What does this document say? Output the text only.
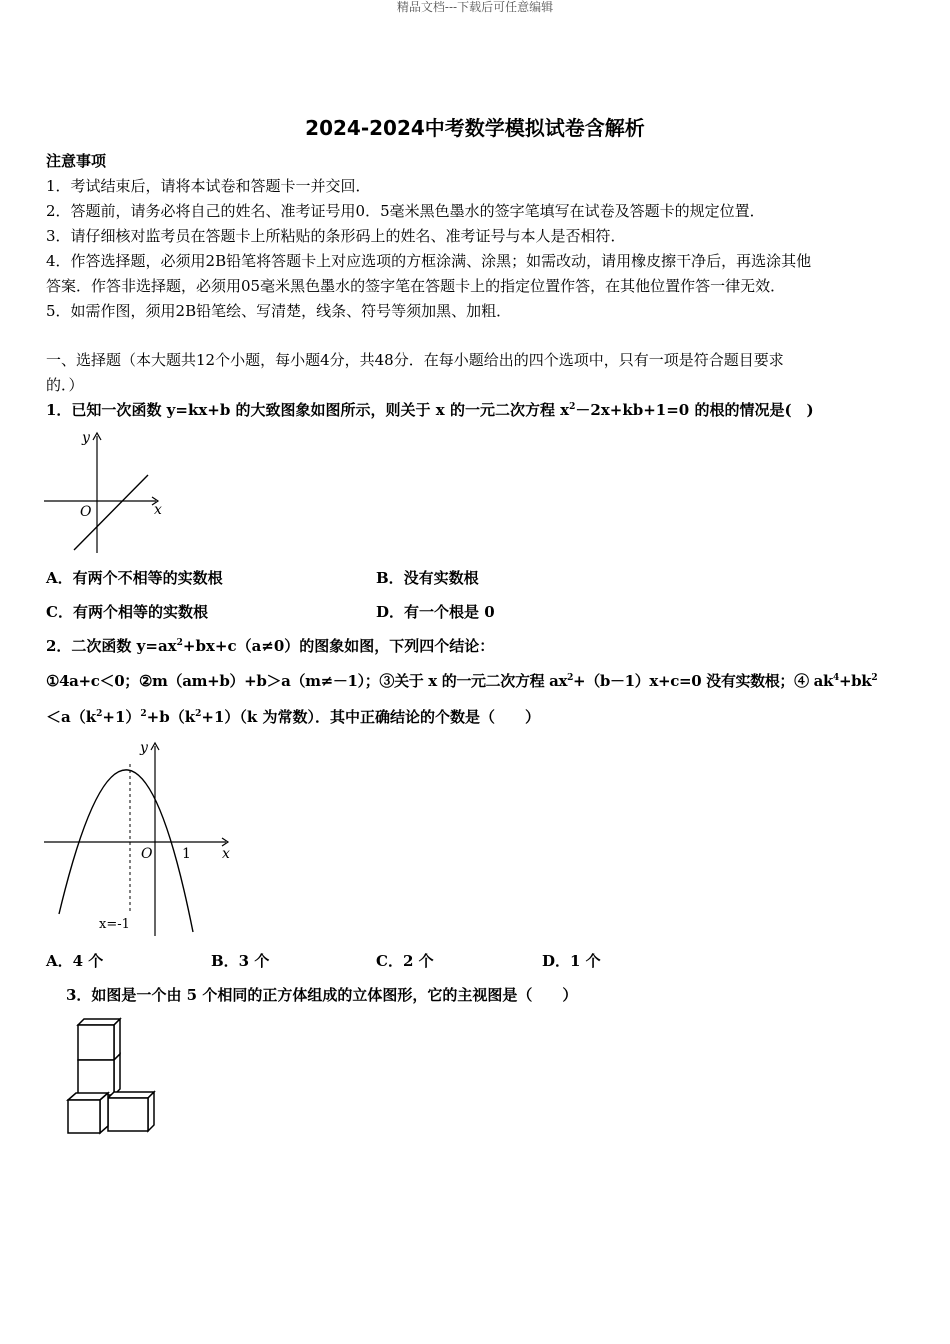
精品文档---下载后可任意编辑
2024-2024中考数学模拟试卷含解析
注意事项
1．考试结束后，请将本试卷和答题卡一并交回．
2．答题前，请务必将自己的姓名、准考证号用0．5毫米黑色墨水的签字笔填写在试卷及答题卡的规定位置．
3．请仔细核对监考员在答题卡上所粘贴的条形码上的姓名、准考证号与本人是否相符．
4．作答选择题，必须用2B铅笔将答题卡上对应选项的方框涂满、涂黑；如需改动，请用橡皮擦干净后，再选涂其他
答案．作答非选择题，必须用05毫米黑色墨水的签字笔在答题卡上的指定位置作答，在其他位置作答一律无效．
5．如需作图，须用2B铅笔绘、写清楚，线条、符号等须加黑、加粗．
一、选择题（本大题共12个小题，每小题4分，共48分．在每小题给出的四个选项中，只有一项是符合题目要求
的．）
1．已知一次函数 y=kx+b 的大致图象如图所示，则关于 x 的一元二次方程 $x^2-2x+kb+1=0$ 的根的情况是(　)
y
x
O
A．有两个不相等的实数根	B．没有实数根
C．有两个相等的实数根	D．有一个根是 0
2．二次函数 $y=ax^2+bx+c(a\ne 0)$的图象如图，下列四个结论：
①4a+c＜0；②m（am+b）+b＞a（m≠－1）；③关于 x 的一元二次方程 $ax^2+(b-1)x+c=0$ 没有实数根；④ $ak^4+bk^2$
$<a(k^2+1)^2+b(k^2+1)(k$ 为常数）．其中正确结论的个数是（　　）
y
x
O 1
x=-1
A．4 个	B．3 个	C．2 个	D．1 个
3．如图是一个由 5 个相同的正方体组成的立体图形，它的主视图是（　　）
